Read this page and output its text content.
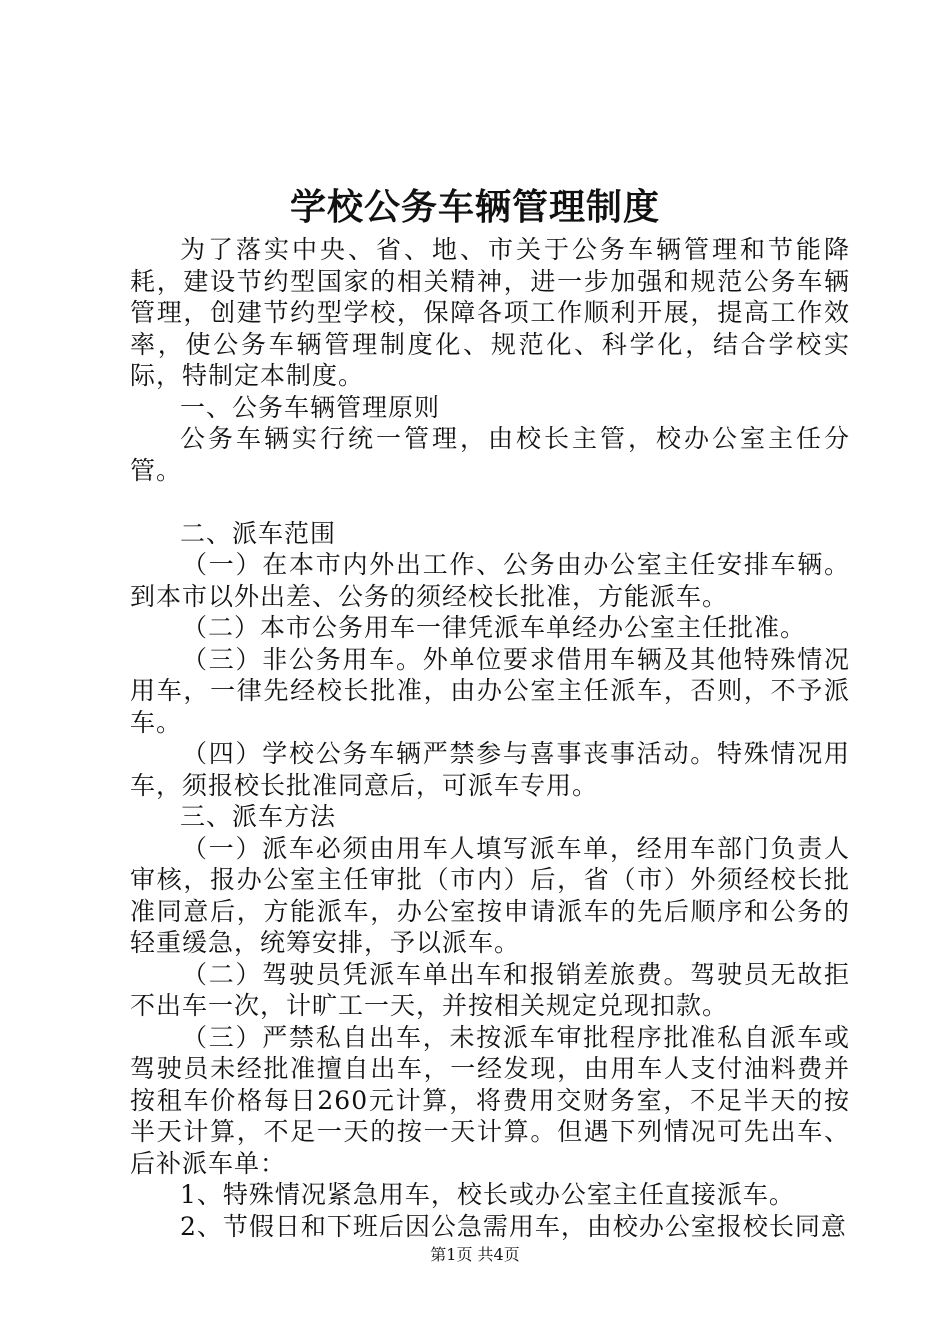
学校公务车辆管理制度

为了落实中央、省、地、市关于公务车辆管理和节能降耗，建设节约型国家的相关精神，进一步加强和规范公务车辆管理，创建节约型学校，保障各项工作顺利开展，提高工作效率，使公务车辆管理制度化、规范化、科学化，结合学校实际，特制定本制度。

一、公务车辆管理原则

公务车辆实行统一管理，由校长主管，校办公室主任分管。

二、派车范围

（一）在本市内外出工作、公务由办公室主任安排车辆。到本市以外出差、公务的须经校长批准，方能派车。

（二）本市公务用车一律凭派车单经办公室主任批准。

（三）非公务用车。外单位要求借用车辆及其他特殊情况用车，一律先经校长批准，由办公室主任派车，否则，不予派车。

（四）学校公务车辆严禁参与喜事丧事活动。特殊情况用车，须报校长批准同意后，可派车专用。

三、派车方法

（一）派车必须由用车人填写派车单，经用车部门负责人审核，报办公室主任审批（市内）后，省（市）外须经校长批准同意后，方能派车，办公室按申请派车的先后顺序和公务的轻重缓急，统筹安排，予以派车。

（二）驾驶员凭派车单出车和报销差旅费。驾驶员无故拒不出车一次，计旷工一天，并按相关规定兑现扣款。

（三）严禁私自出车，未按派车审批程序批准私自派车或驾驶员未经批准擅自出车，一经发现，由用车人支付油料费并按租车价格每日260元计算，将费用交财务室，不足半天的按半天计算，不足一天的按一天计算。但遇下列情况可先出车、后补派车单：

1、特殊情况紧急用车，校长或办公室主任直接派车。

2、节假日和下班后因公急需用车，由校办公室报校长同意

第1页 共4页
